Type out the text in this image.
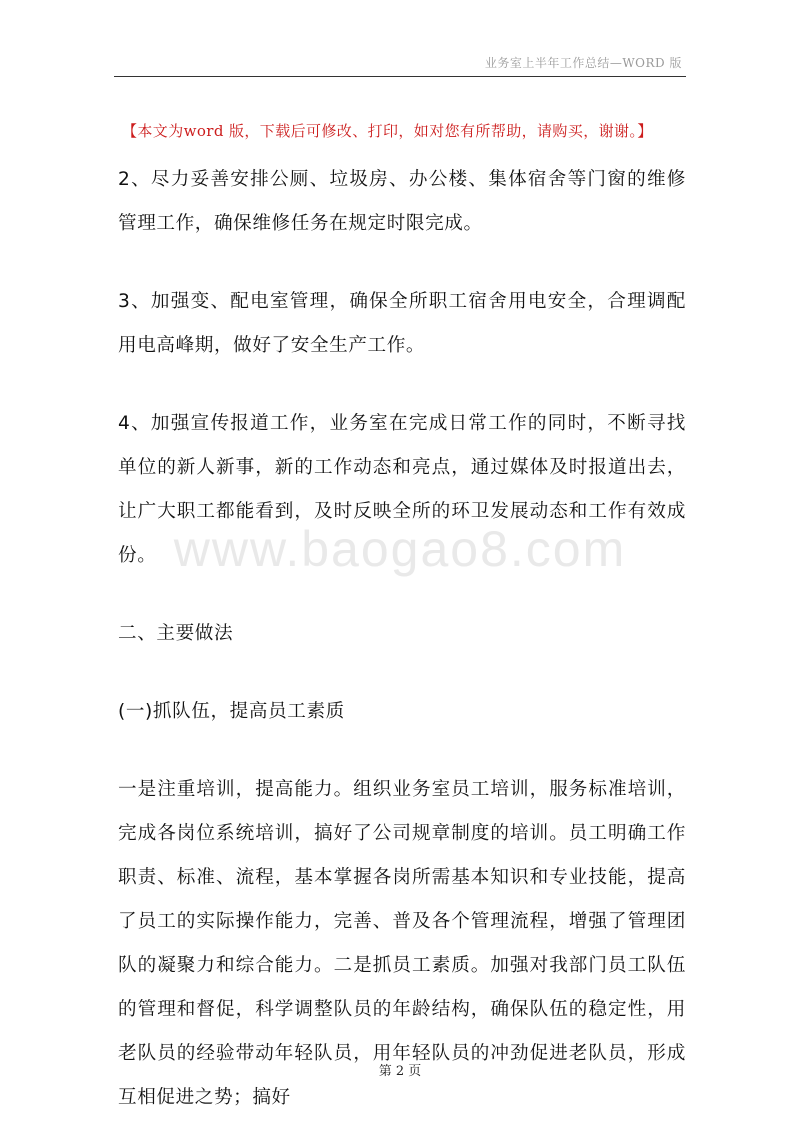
业务室上半年工作总结—WORD 版
【本文为word 版，下载后可修改、打印，如对您有所帮助，请购买，谢谢。】

2、尽力妥善安排公厕、垃圾房、办公楼、集体宿舍等门窗的维修管理工作，确保维修任务在规定时限完成。

3、加强变、配电室管理，确保全所职工宿舍用电安全，合理调配用电高峰期，做好了安全生产工作。

4、加强宣传报道工作，业务室在完成日常工作的同时，不断寻找单位的新人新事，新的工作动态和亮点，通过媒体及时报道出去，让广大职工都能看到，及时反映全所的环卫发展动态和工作有效成份。

二、主要做法

(一)抓队伍，提高员工素质

一是注重培训，提高能力。组织业务室员工培训，服务标准培训，完成各岗位系统培训，搞好了公司规章制度的培训。员工明确工作职责、标准、流程，基本掌握各岗所需基本知识和专业技能，提高了员工的实际操作能力，完善、普及各个管理流程，增强了管理团队的凝聚力和综合能力。二是抓员工素质。加强对我部门员工队伍的管理和督促，科学调整队员的年龄结构，确保队伍的稳定性，用老队员的经验带动年轻队员，用年轻队员的冲劲促进老队员，形成互相促进之势；搞好

www.baogao8.com
第 2 页
